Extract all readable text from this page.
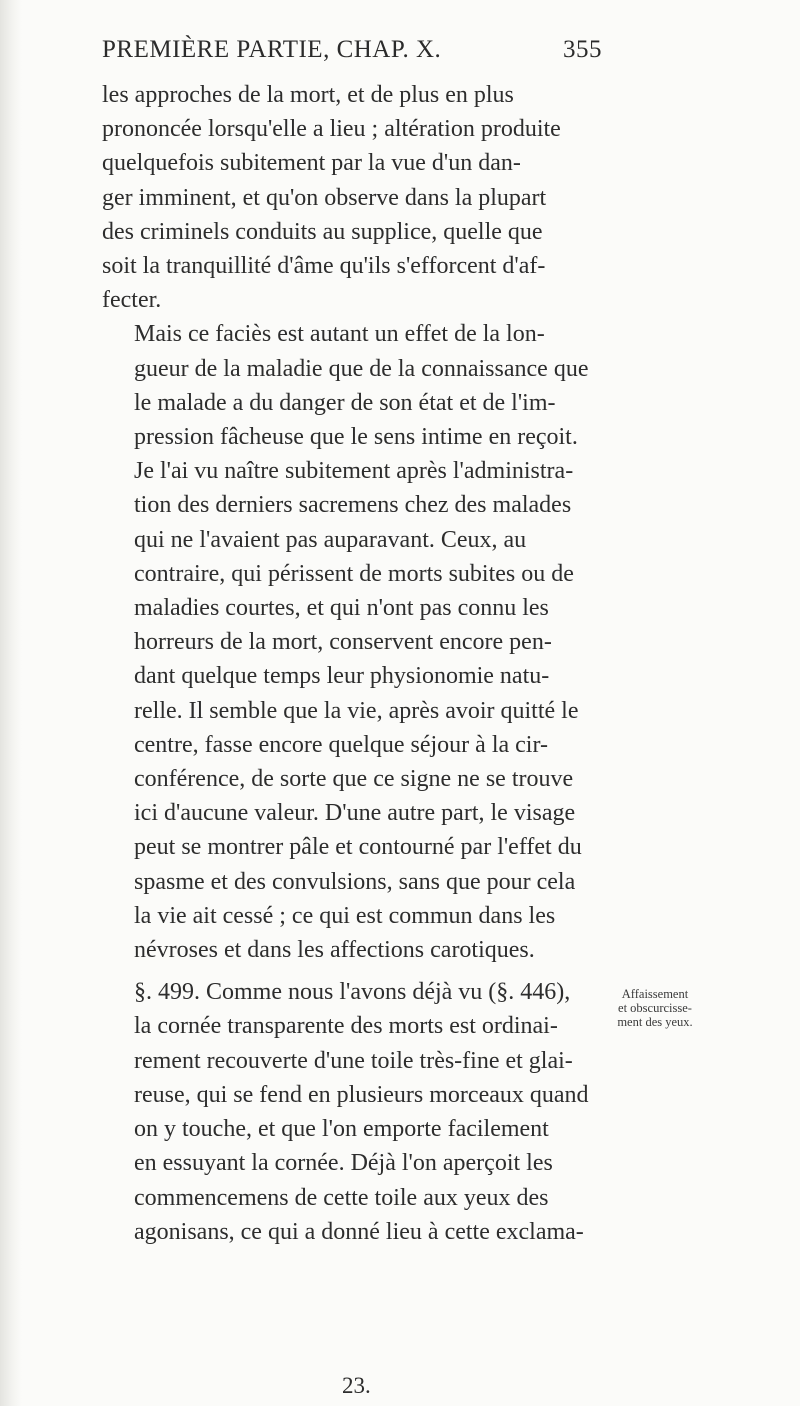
PREMIÈRE PARTIE, CHAP. X.	355

les approches de la mort, et de plus en plus
prononcée lorsqu'elle a lieu ; altération produite
quelquefois subitement par la vue d'un dan-
ger imminent, et qu'on observe dans la plupart
des criminels conduits au supplice, quelle que
soit la tranquillité d'âme qu'ils s'efforcent d'af-
fecter.

Mais ce faciès est autant un effet de la lon-
gueur de la maladie que de la connaissance que
le malade a du danger de son état et de l'im-
pression fâcheuse que le sens intime en reçoit.
Je l'ai vu naître subitement après l'administra-
tion des derniers sacremens chez des malades
qui ne l'avaient pas auparavant. Ceux, au
contraire, qui périssent de morts subites ou de
maladies courtes, et qui n'ont pas connu les
horreurs de la mort, conservent encore pen-
dant quelque temps leur physionomie natu-
relle. Il semble que la vie, après avoir quitté le
centre, fasse encore quelque séjour à la cir-
conférence, de sorte que ce signe ne se trouve
ici d'aucune valeur. D'une autre part, le visage
peut se montrer pâle et contourné par l'effet du
spasme et des convulsions, sans que pour cela
la vie ait cessé ; ce qui est commun dans les
névroses et dans les affections carotiques.

§. 499. Comme nous l'avons déjà vu (§. 446),
la cornée transparente des morts est ordinai-
rement recouverte d'une toile très-fine et glai-
reuse, qui se fend en plusieurs morceaux quand
on y touche, et que l'on emporte facilement
en essuyant la cornée. Déjà l'on aperçoit les
commencemens de cette toile aux yeux des
agonisans, ce qui a donné lieu à cette exclama-

Affaissement
et obscurcisse-
ment des yeux.
23.
